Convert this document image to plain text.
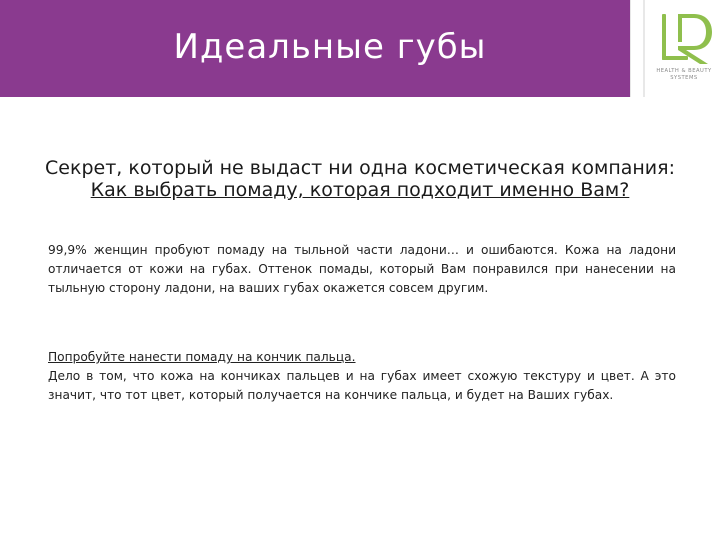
Идеальные губы
HEALTH & BEAUTY
SYSTEMS
Секрет, который не выдаст ни одна косметическая компания:
Как выбрать помаду, которая подходит именно Вам?
99,9% женщин пробуют помаду на тыльной части ладони… и ошибаются. Кожа на ладони отличается от кожи на губах. Оттенок помады, который Вам понравился при нанесении на тыльную сторону ладони, на ваших губах окажется совсем другим.
Попробуйте нанести помаду на кончик пальца.
Дело в том, что кожа на кончиках пальцев и на губах имеет схожую текстуру и цвет. А это значит, что тот цвет, который получается на кончике пальца, и будет на Ваших губах.
